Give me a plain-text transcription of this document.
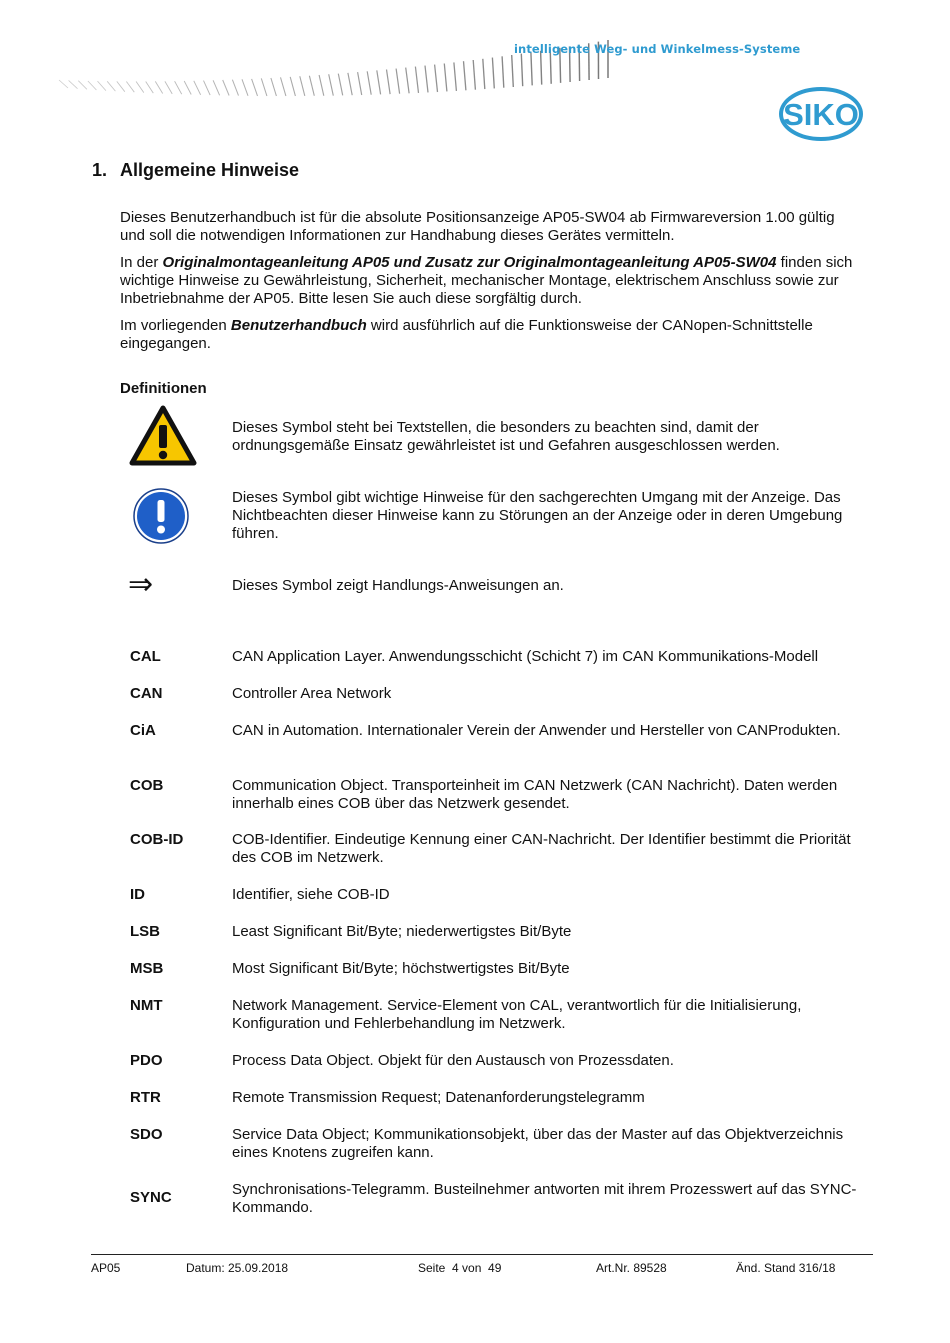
intelligente Weg- und Winkelmess-Systeme
SIKO
1. Allgemeine Hinweise

Dieses Benutzerhandbuch ist für die absolute Positionsanzeige AP05-SW04 ab Firmwareversion 1.00 gültig und soll die notwendigen Informationen zur Handhabung dieses Gerätes vermitteln.

In der Originalmontageanleitung AP05 und Zusatz zur Originalmontageanleitung AP05-SW04 finden sich wichtige Hinweise zu Gewährleistung, Sicherheit, mechanischer Montage, elektrischem Anschluss sowie zur Inbetriebnahme der AP05. Bitte lesen Sie auch diese sorgfältig durch.

Im vorliegenden Benutzerhandbuch wird ausführlich auf die Funktionsweise der CANopen-Schnittstelle eingegangen.

Definitionen
Dieses Symbol steht bei Textstellen, die besonders zu beachten sind, damit der ordnungsgemäße Einsatz gewährleistet ist und Gefahren ausgeschlossen werden.
Dieses Symbol gibt wichtige Hinweise für den sachgerechten Umgang mit der Anzeige. Das Nichtbeachten dieser Hinweise kann zu Störungen an der Anzeige oder in deren Umgebung führen.
⇒	Dieses Symbol zeigt Handlungs-Anweisungen an.
CAL	CAN Application Layer. Anwendungsschicht (Schicht 7) im CAN Kommunikations-Modell
CAN	Controller Area Network
CiA	CAN in Automation. Internationaler Verein der Anwender und Hersteller von CANProdukten.
COB	Communication Object. Transporteinheit im CAN Netzwerk (CAN Nachricht). Daten werden innerhalb eines COB über das Netzwerk gesendet.
COB-ID	COB-Identifier. Eindeutige Kennung einer CAN-Nachricht. Der Identifier bestimmt die Priorität des COB im Netzwerk.
ID	Identifier, siehe COB-ID
LSB	Least Significant Bit/Byte; niederwertigstes Bit/Byte
MSB	Most Significant Bit/Byte; höchstwertigstes Bit/Byte
NMT	Network Management. Service-Element von CAL, verantwortlich für die Initialisierung, Konfiguration und Fehlerbehandlung im Netzwerk.
PDO	Process Data Object. Objekt für den Austausch von Prozessdaten.
RTR	Remote Transmission Request; Datenanforderungstelegramm
SDO	Service Data Object; Kommunikationsobjekt, über das der Master auf das Objektverzeichnis eines Knotens zugreifen kann.
SYNC	Synchronisations-Telegramm. Busteilnehmer antworten mit ihrem Prozesswert auf das SYNC-Kommando.
AP05	Datum: 25.09.2018	Seite  4 von  49	Art.Nr. 89528	Änd. Stand 316/18
